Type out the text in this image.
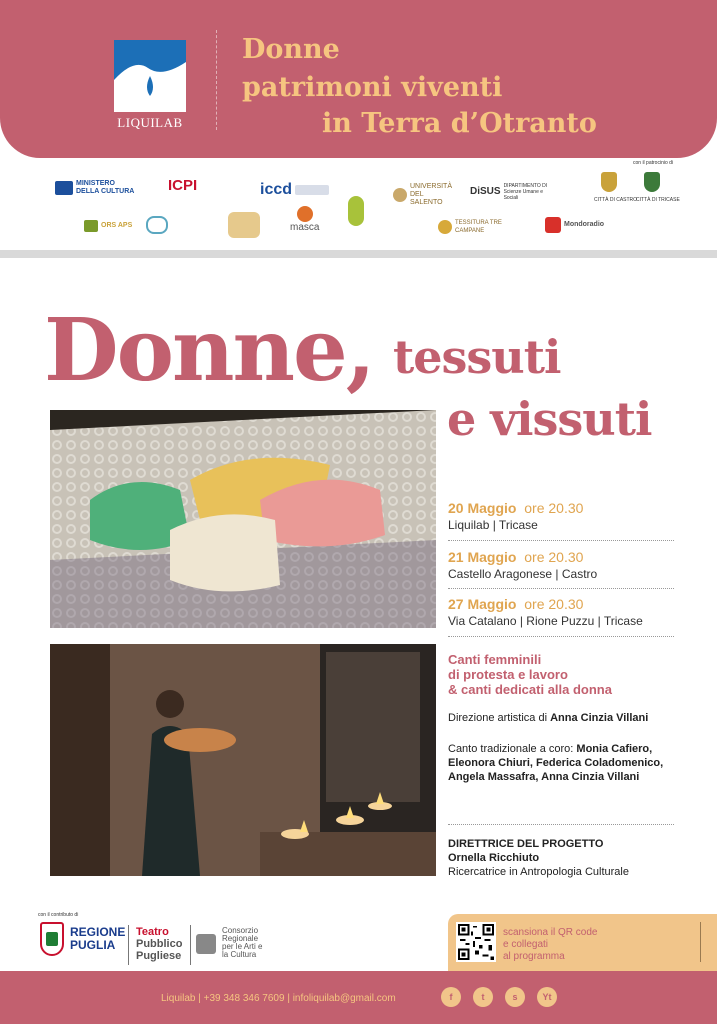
LIQUILAB
Donne
patrimoni viventi
in Terra d’Otranto
MINISTERO DELLA CULTURA ICPI	iccd	UNIVERSITÀ DEL SALENTO
DiSUS DIPARTIMENTO DI Scienze Umane e Sociali
con il patrocinio di
CITTÀ DI CASTRO
CITTÀ DI TRICASE
ORS APS	masca	TESSITURA TRE CAMPANE
Mondoradio
Donne, tessuti
e vissuti
20 Maggio ore 20.30
Liquilab | Tricase
21 Maggio ore 20.30
Castello Aragonese | Castro
27 Maggio ore 20.30
Via Catalano | Rione Puzzu | Tricase
Canti femminili
di protesta e lavoro
& canti dedicati alla donna
Direzione artistica di Anna Cinzia Villani
Canto tradizionale a coro: Monia Cafiero, Eleonora Chiuri, Federica Coladomenico, Angela Massafra, Anna Cinzia Villani
DIRETTRICE DEL PROGETTO
Ornella Ricchiuto
Ricercatrice in Antropologia Culturale
con il contributo di
REGIONE PUGLIA
Teatro
Pubblico
Pugliese
Consorzio Regionale per le Arti e la Cultura
scansiona il QR code
e collegati
al programma
Liquilab | +39 348 346 7609 | infoliquilab@gmail.com	f	t	s	Yt
